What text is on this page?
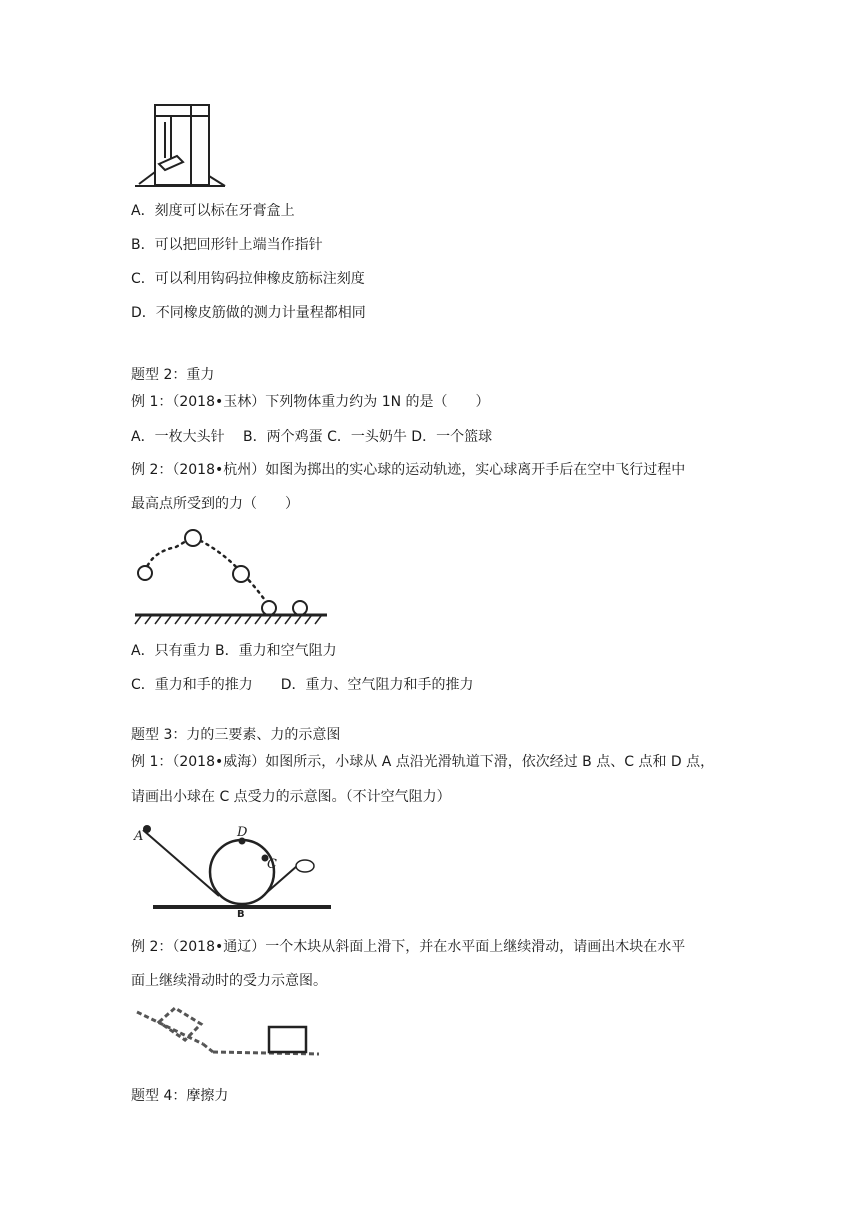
A．刻度可以标在牙膏盒上
B．可以把回形针上端当作指针
C．可以利用钩码拉伸橡皮筋标注刻度
D．不同橡皮筋做的测力计量程都相同
题型 2：重力
例 1：（2018•玉林）下列物体重力约为 1N 的是（　　）
A．一枚大头针　 B．两个鸡蛋 C．一头奶牛 D．一个篮球
例 2：（2018•杭州）如图为掷出的实心球的运动轨迹，实心球离开手后在空中飞行过程中
最高点所受到的力（　　）
A．只有重力 B．重力和空气阻力
C．重力和手的推力　　D．重力、空气阻力和手的推力
题型 3：力的三要素、力的示意图
例 1：（2018•威海）如图所示，小球从 A 点沿光滑轨道下滑，依次经过 B 点、C 点和 D 点，
请画出小球在 C 点受力的示意图。（不计空气阻力）
A	D
C
B
例 2：（2018•通辽）一个木块从斜面上滑下，并在水平面上继续滑动，请画出木块在水平
面上继续滑动时的受力示意图。
题型 4：摩擦力
